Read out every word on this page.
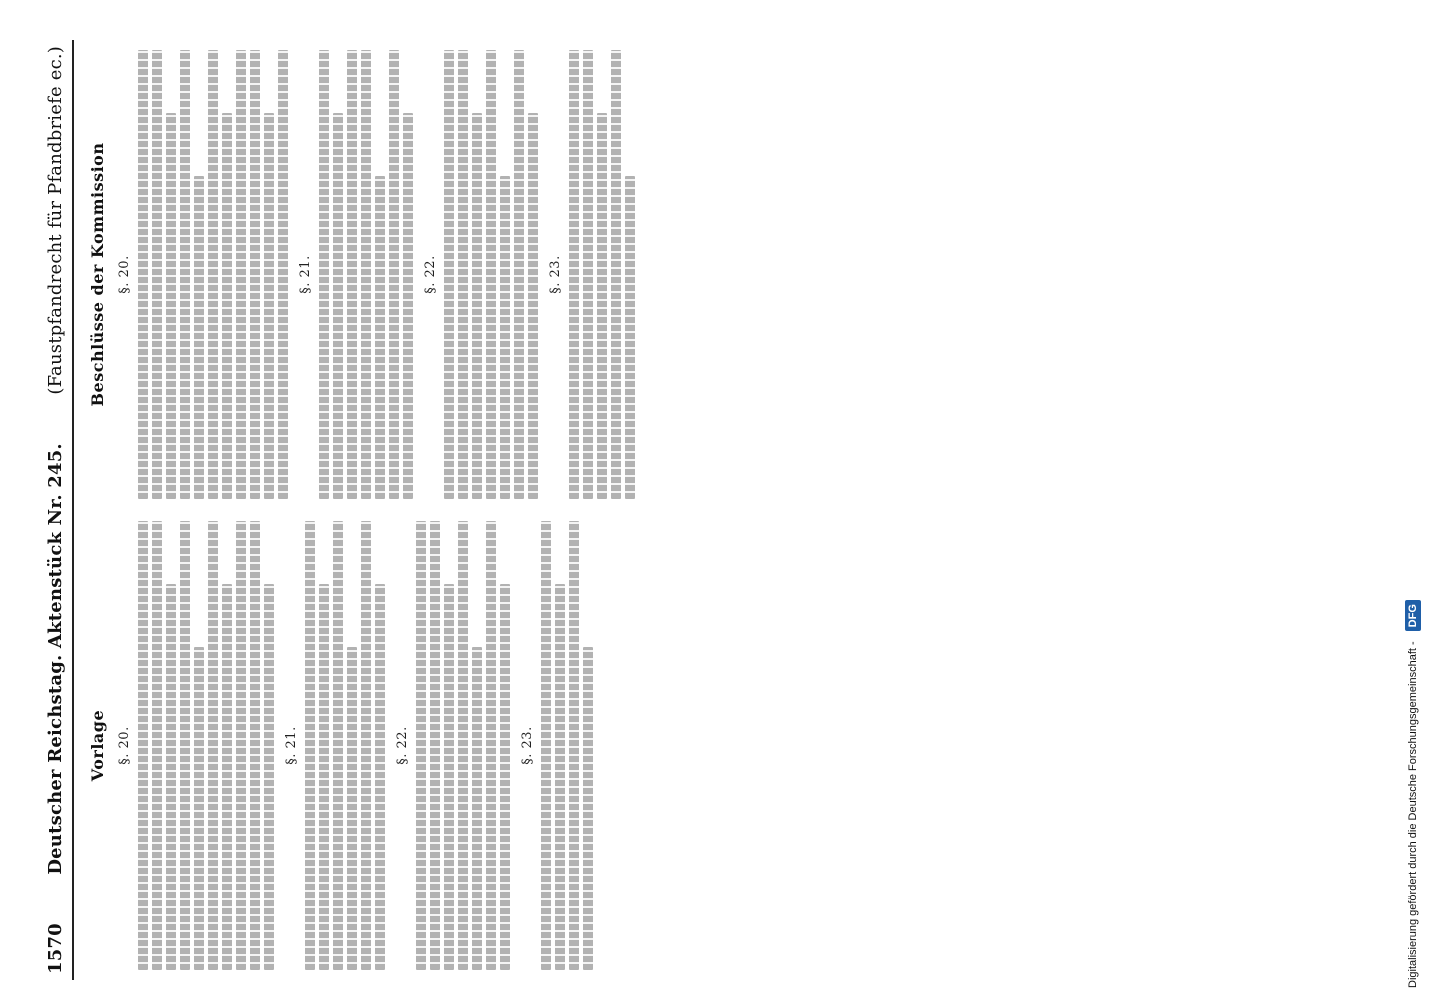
1570
Deutscher Reichstag. Aktenstück Nr. 245.
(Faustpfandrecht für Pfandbriefe ec.)
Vorlage §. 20.	§. 21.	§. 22.	§. 23.
Beschlüsse der Kommission §. 20.	§. 21.	§. 22.	§. 23.
Digitalisierung gefördert durch die Deutsche Forschungsgemeinschaft -
DFG
